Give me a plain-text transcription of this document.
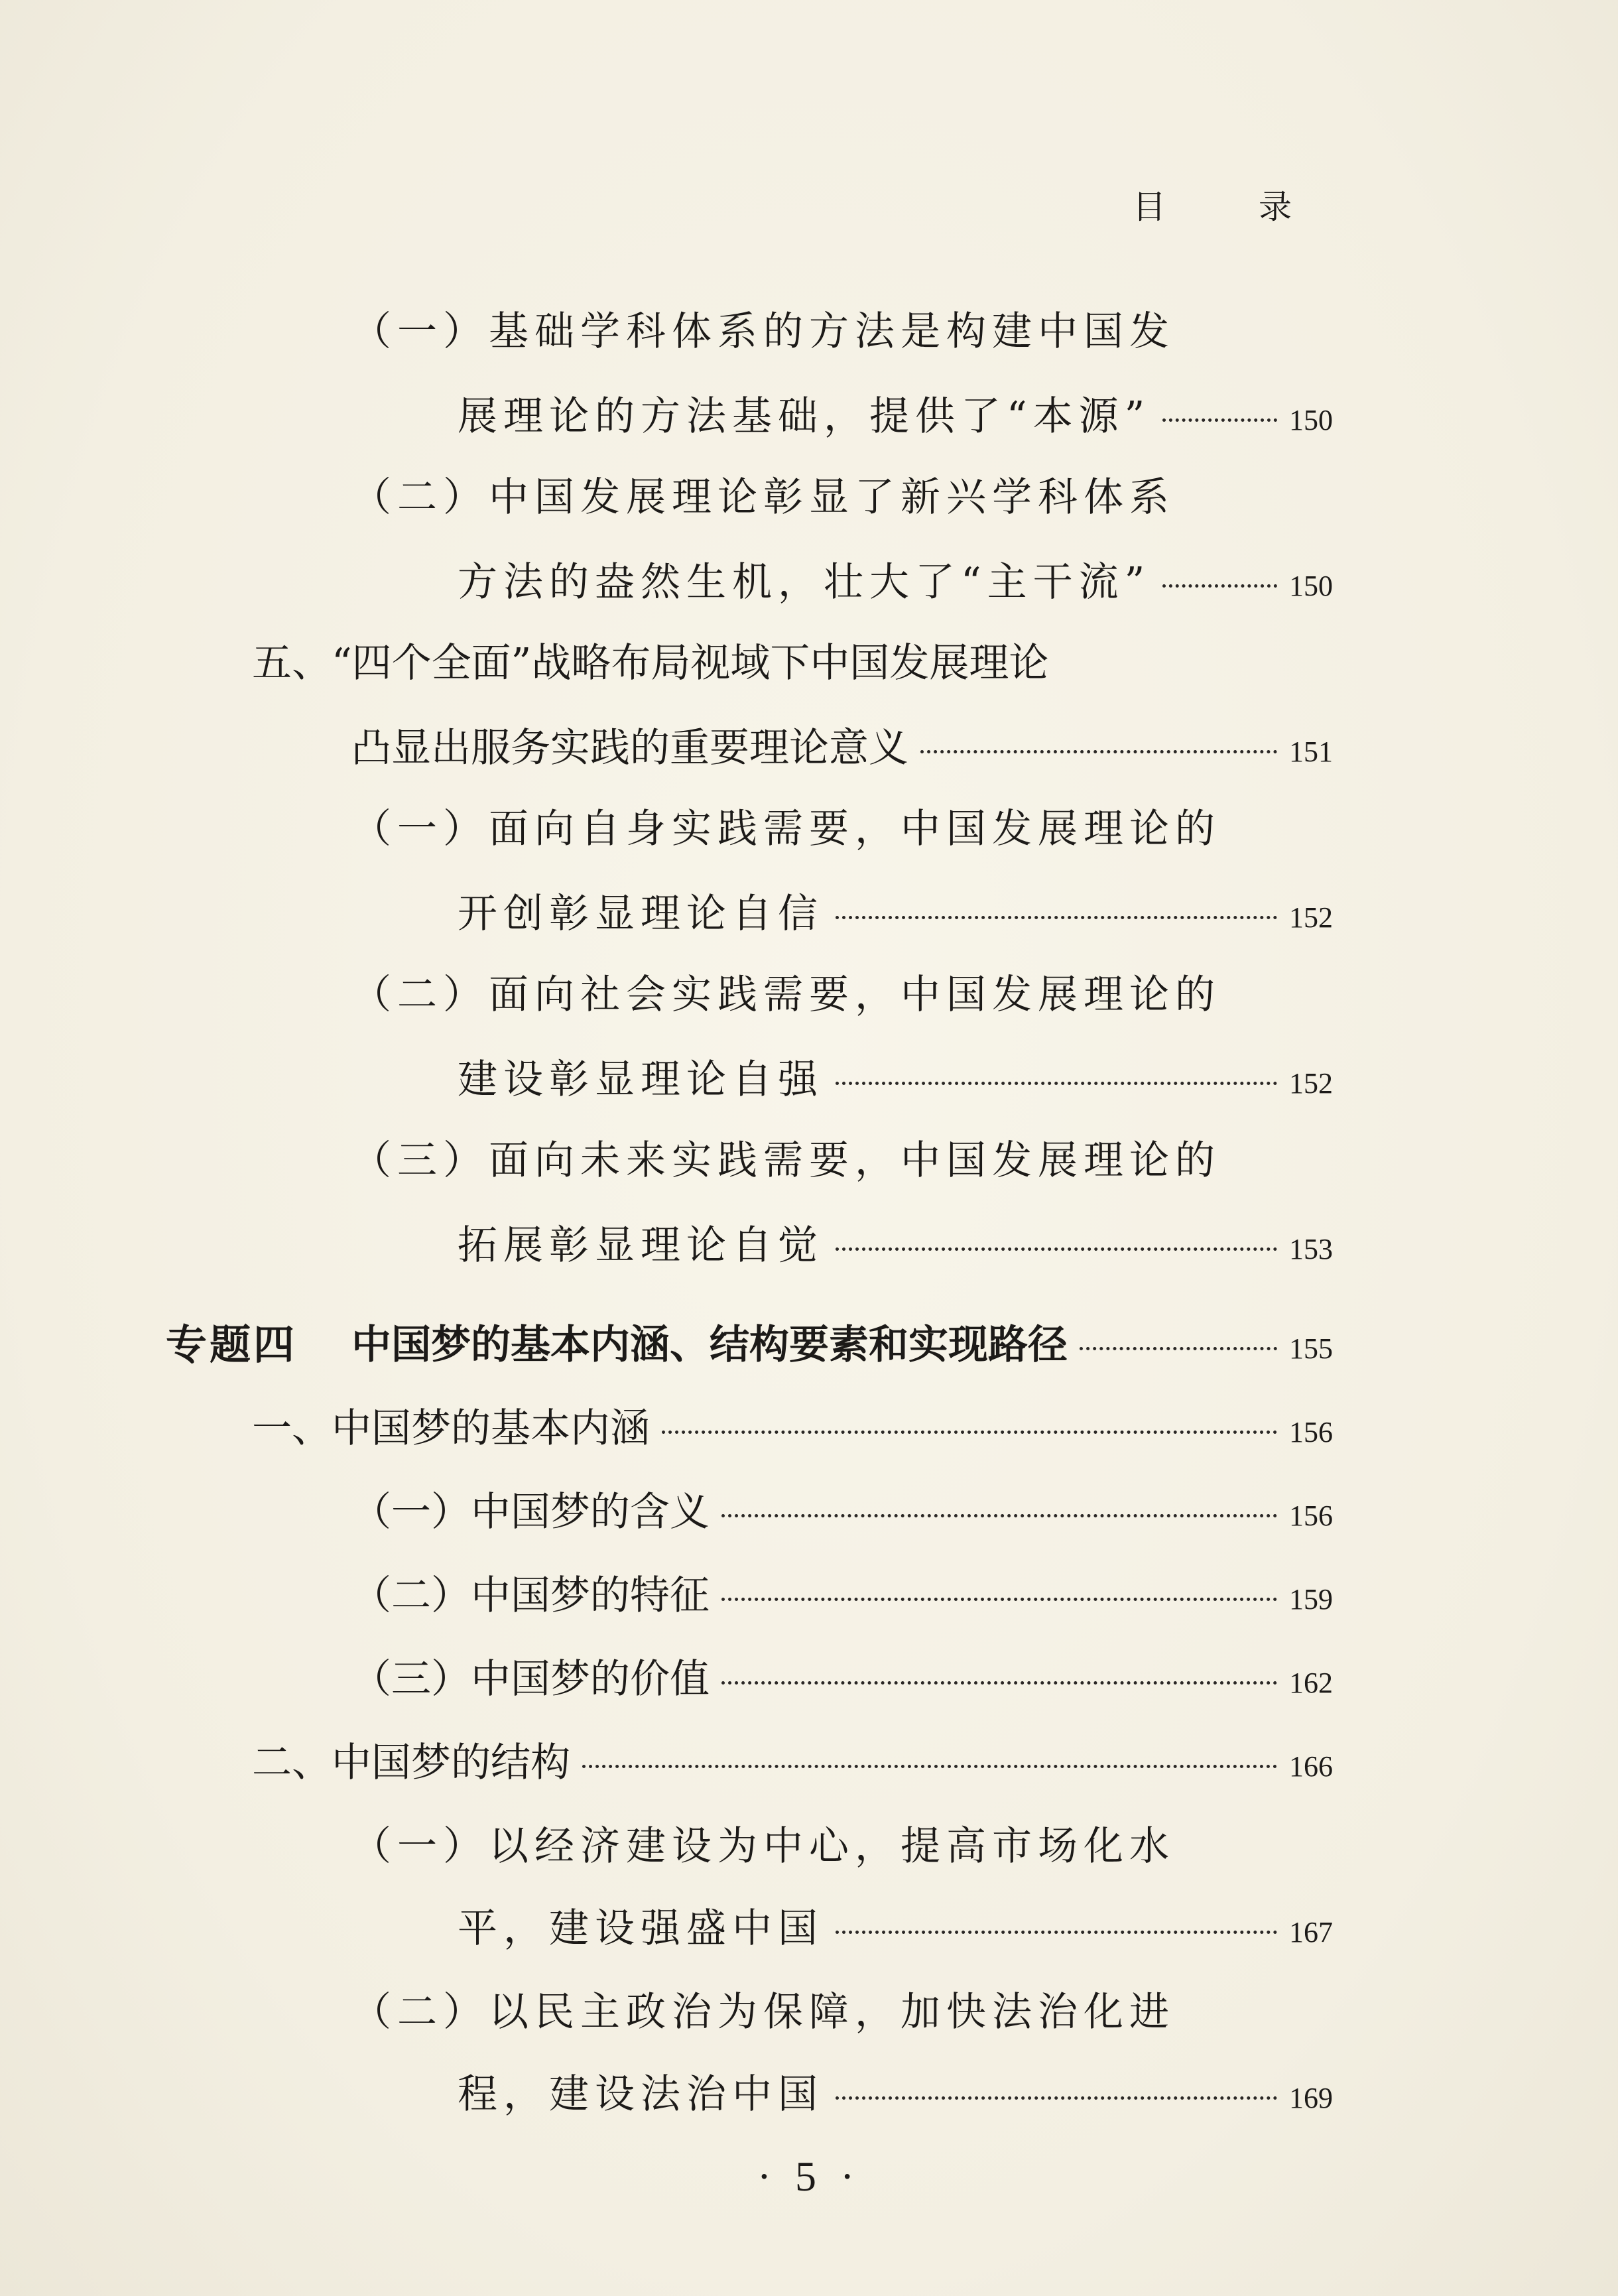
目 录
（一）基础学科体系的方法是构建中国发
展理论的方法基础，提供了“本源”	150
（二）中国发展理论彰显了新兴学科体系
方法的盎然生机，壮大了“主干流”	150
五、“四个全面”战略布局视域下中国发展理论
凸显出服务实践的重要理论意义	151
（一）面向自身实践需要，中国发展理论的
开创彰显理论自信	152
（二）面向社会实践需要，中国发展理论的
建设彰显理论自强	152
（三）面向未来实践需要，中国发展理论的
拓展彰显理论自觉	153
专题四 中国梦的基本内涵、结构要素和实现路径	155
一、中国梦的基本内涵	156
（一）中国梦的含义	156
（二）中国梦的特征	159
（三）中国梦的价值	162
二、中国梦的结构	166
（一）以经济建设为中心，提高市场化水
平，建设强盛中国	167
（二）以民主政治为保障，加快法治化进
程，建设法治中国	169
· 5 ·
